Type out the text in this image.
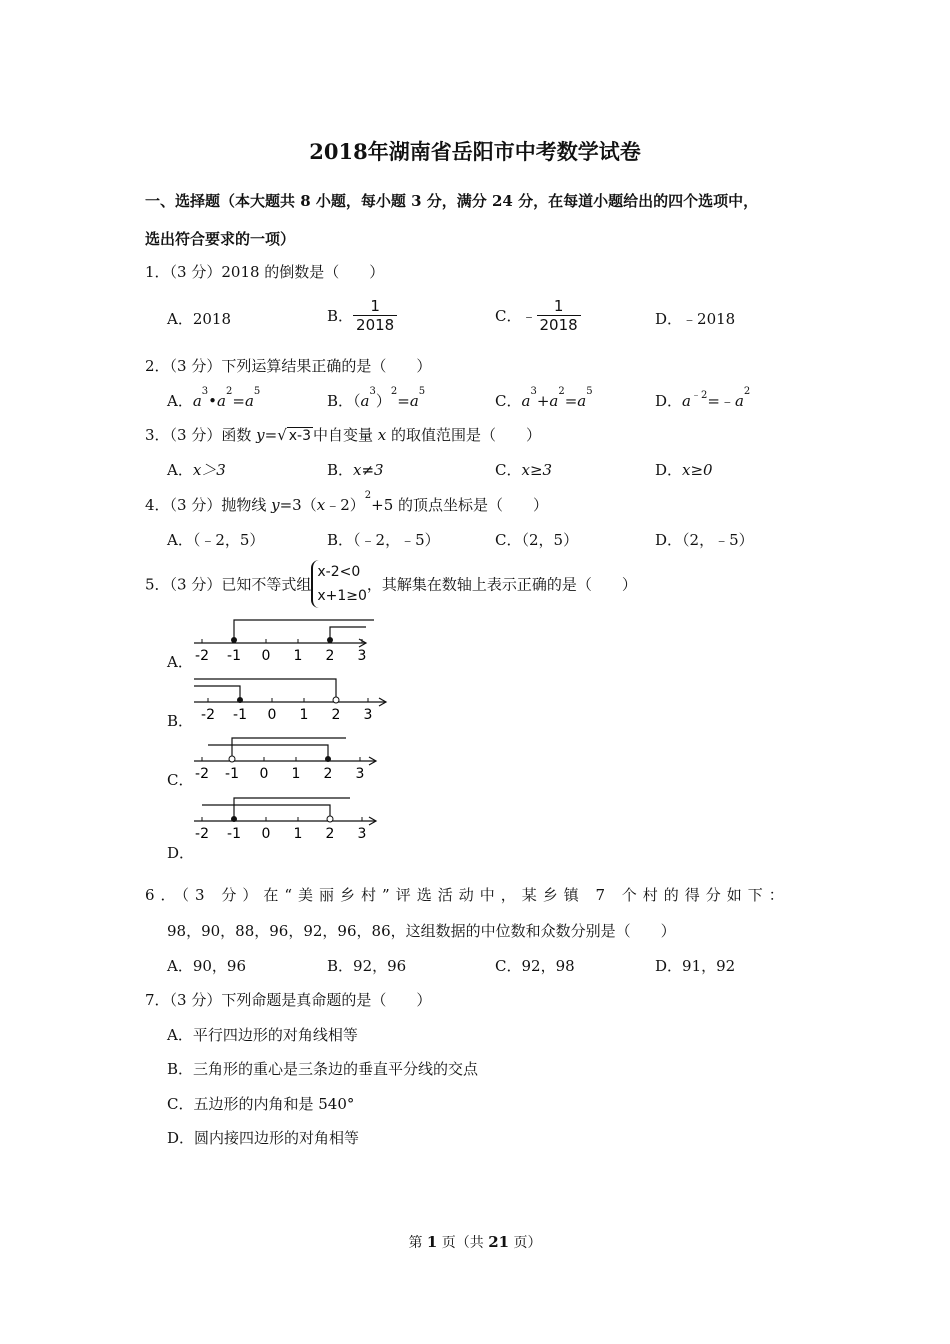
2018年湖南省岳阳市中考数学试卷
一、选择题（本大题共 8 小题，每小题 3 分，满分 24 分，在每道小题给出的四个选项中，
选出符合要求的一项）
1．（3 分）2018 的倒数是（　　）
A．2018	B． $\frac{1}{2018}$	C．﹣ $\frac{1}{2018}$	D．﹣2018
2．（3 分）下列运算结果正确的是（　　）
A．$a^3•a^2=a^5$
B．$(a^3)^2=a^5$
C．$a^3+a^2=a^5$
D．$a^{﹣2}=﹣a^2$
3．（3 分）函数 y=√ x-3 中自变量 x 的取值范围是（　　）
A．x＞3	B．x≠3	C．x≥3	D．x≥0
4．（3 分）抛物线 y=3（x﹣2）$^2$+5 的顶点坐标是（　　）
A．（﹣2，5）	B．（﹣2，﹣5）	C．（2，5）	D．（2，﹣5）
5．（3 分）已知不等式组
x-2<0
x+1≥0
，其解集在数轴上表示正确的是（　　）
A． -2 -1 0 1 2 3
B． -2 -1 0 1 2 3
C． -2 -1 0 1 2 3
D．
-2 -1 0 1 2 3
6．（3 分）在“美丽乡村”评选活动中，某乡镇 7 个村的得分如下：
98，90，88，96，92，96，86，这组数据的中位数和众数分别是（　　）
A．90，96	B．92，96	C．92，98	D．91，92
7．（3 分）下列命题是真命题的是（　　）
A．平行四边形的对角线相等
B．三角形的重心是三条边的垂直平分线的交点
C．五边形的内角和是 540°
D．圆内接四边形的对角相等
第 1 页（共 21 页）
